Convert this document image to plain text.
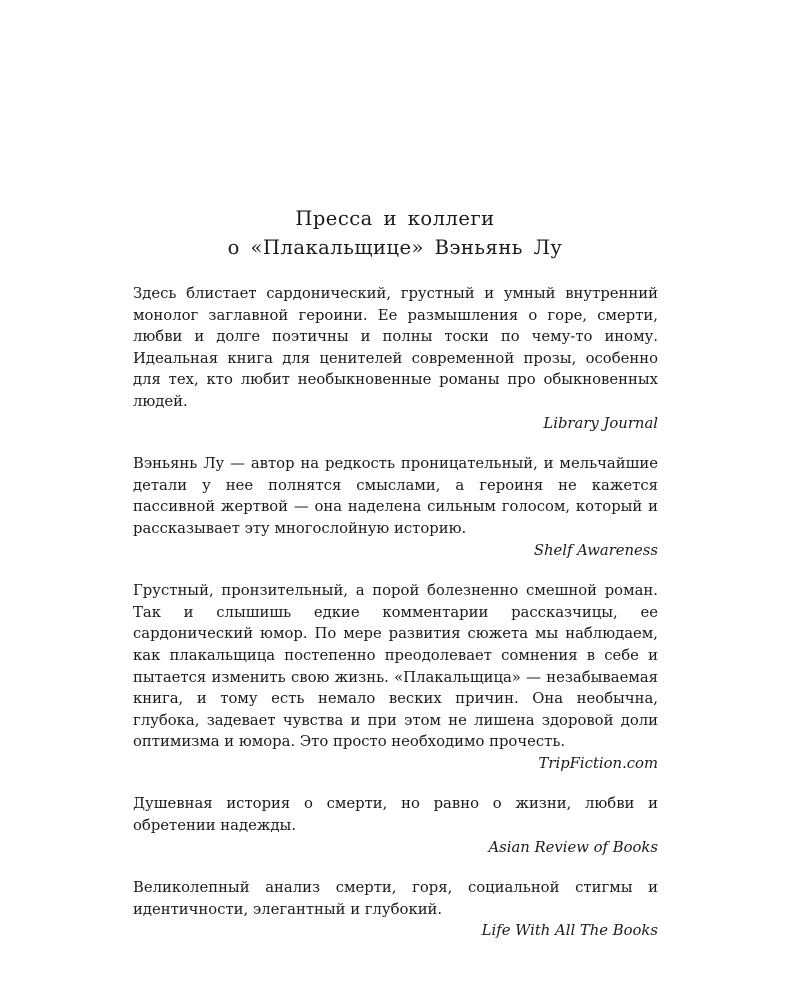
Пресса и коллеги
о «Плакальщице» Вэньянь Лу

Здесь блистает сардонический, грустный и умный внутренний монолог заглавной героини. Ее размышления о горе, смерти, любви и долге поэтичны и полны тоски по чему-то иному. Идеальная книга для ценителей современной прозы, особенно для тех, кто любит необыкновенные романы про обыкновенных людей.

Library Journal

Вэньянь Лу — автор на редкость проницательный, и мельчайшие детали у нее полнятся смыслами, а героиня не кажется пассивной жертвой — она наделена сильным голосом, который и рассказывает эту многослойную историю.

Shelf Awareness

Грустный, пронзительный, а порой болезненно смешной роман. Так и слышишь едкие комментарии рассказчицы, ее сардонический юмор. По мере развития сюжета мы наблюдаем, как плакальщица постепенно преодолевает сомнения в себе и пытается изменить свою жизнь. «Плакальщица» — незабываемая книга, и тому есть немало веских причин. Она необычна, глубока, задевает чувства и при этом не лишена здоровой доли оптимизма и юмора. Это просто необходимо прочесть.

TripFiction.com

Душевная история о смерти, но равно о жизни, любви и обретении надежды.

Asian Review of Books

Великолепный анализ смерти, горя, социальной стигмы и идентичности, элегантный и глубокий.

Life With All The Books
